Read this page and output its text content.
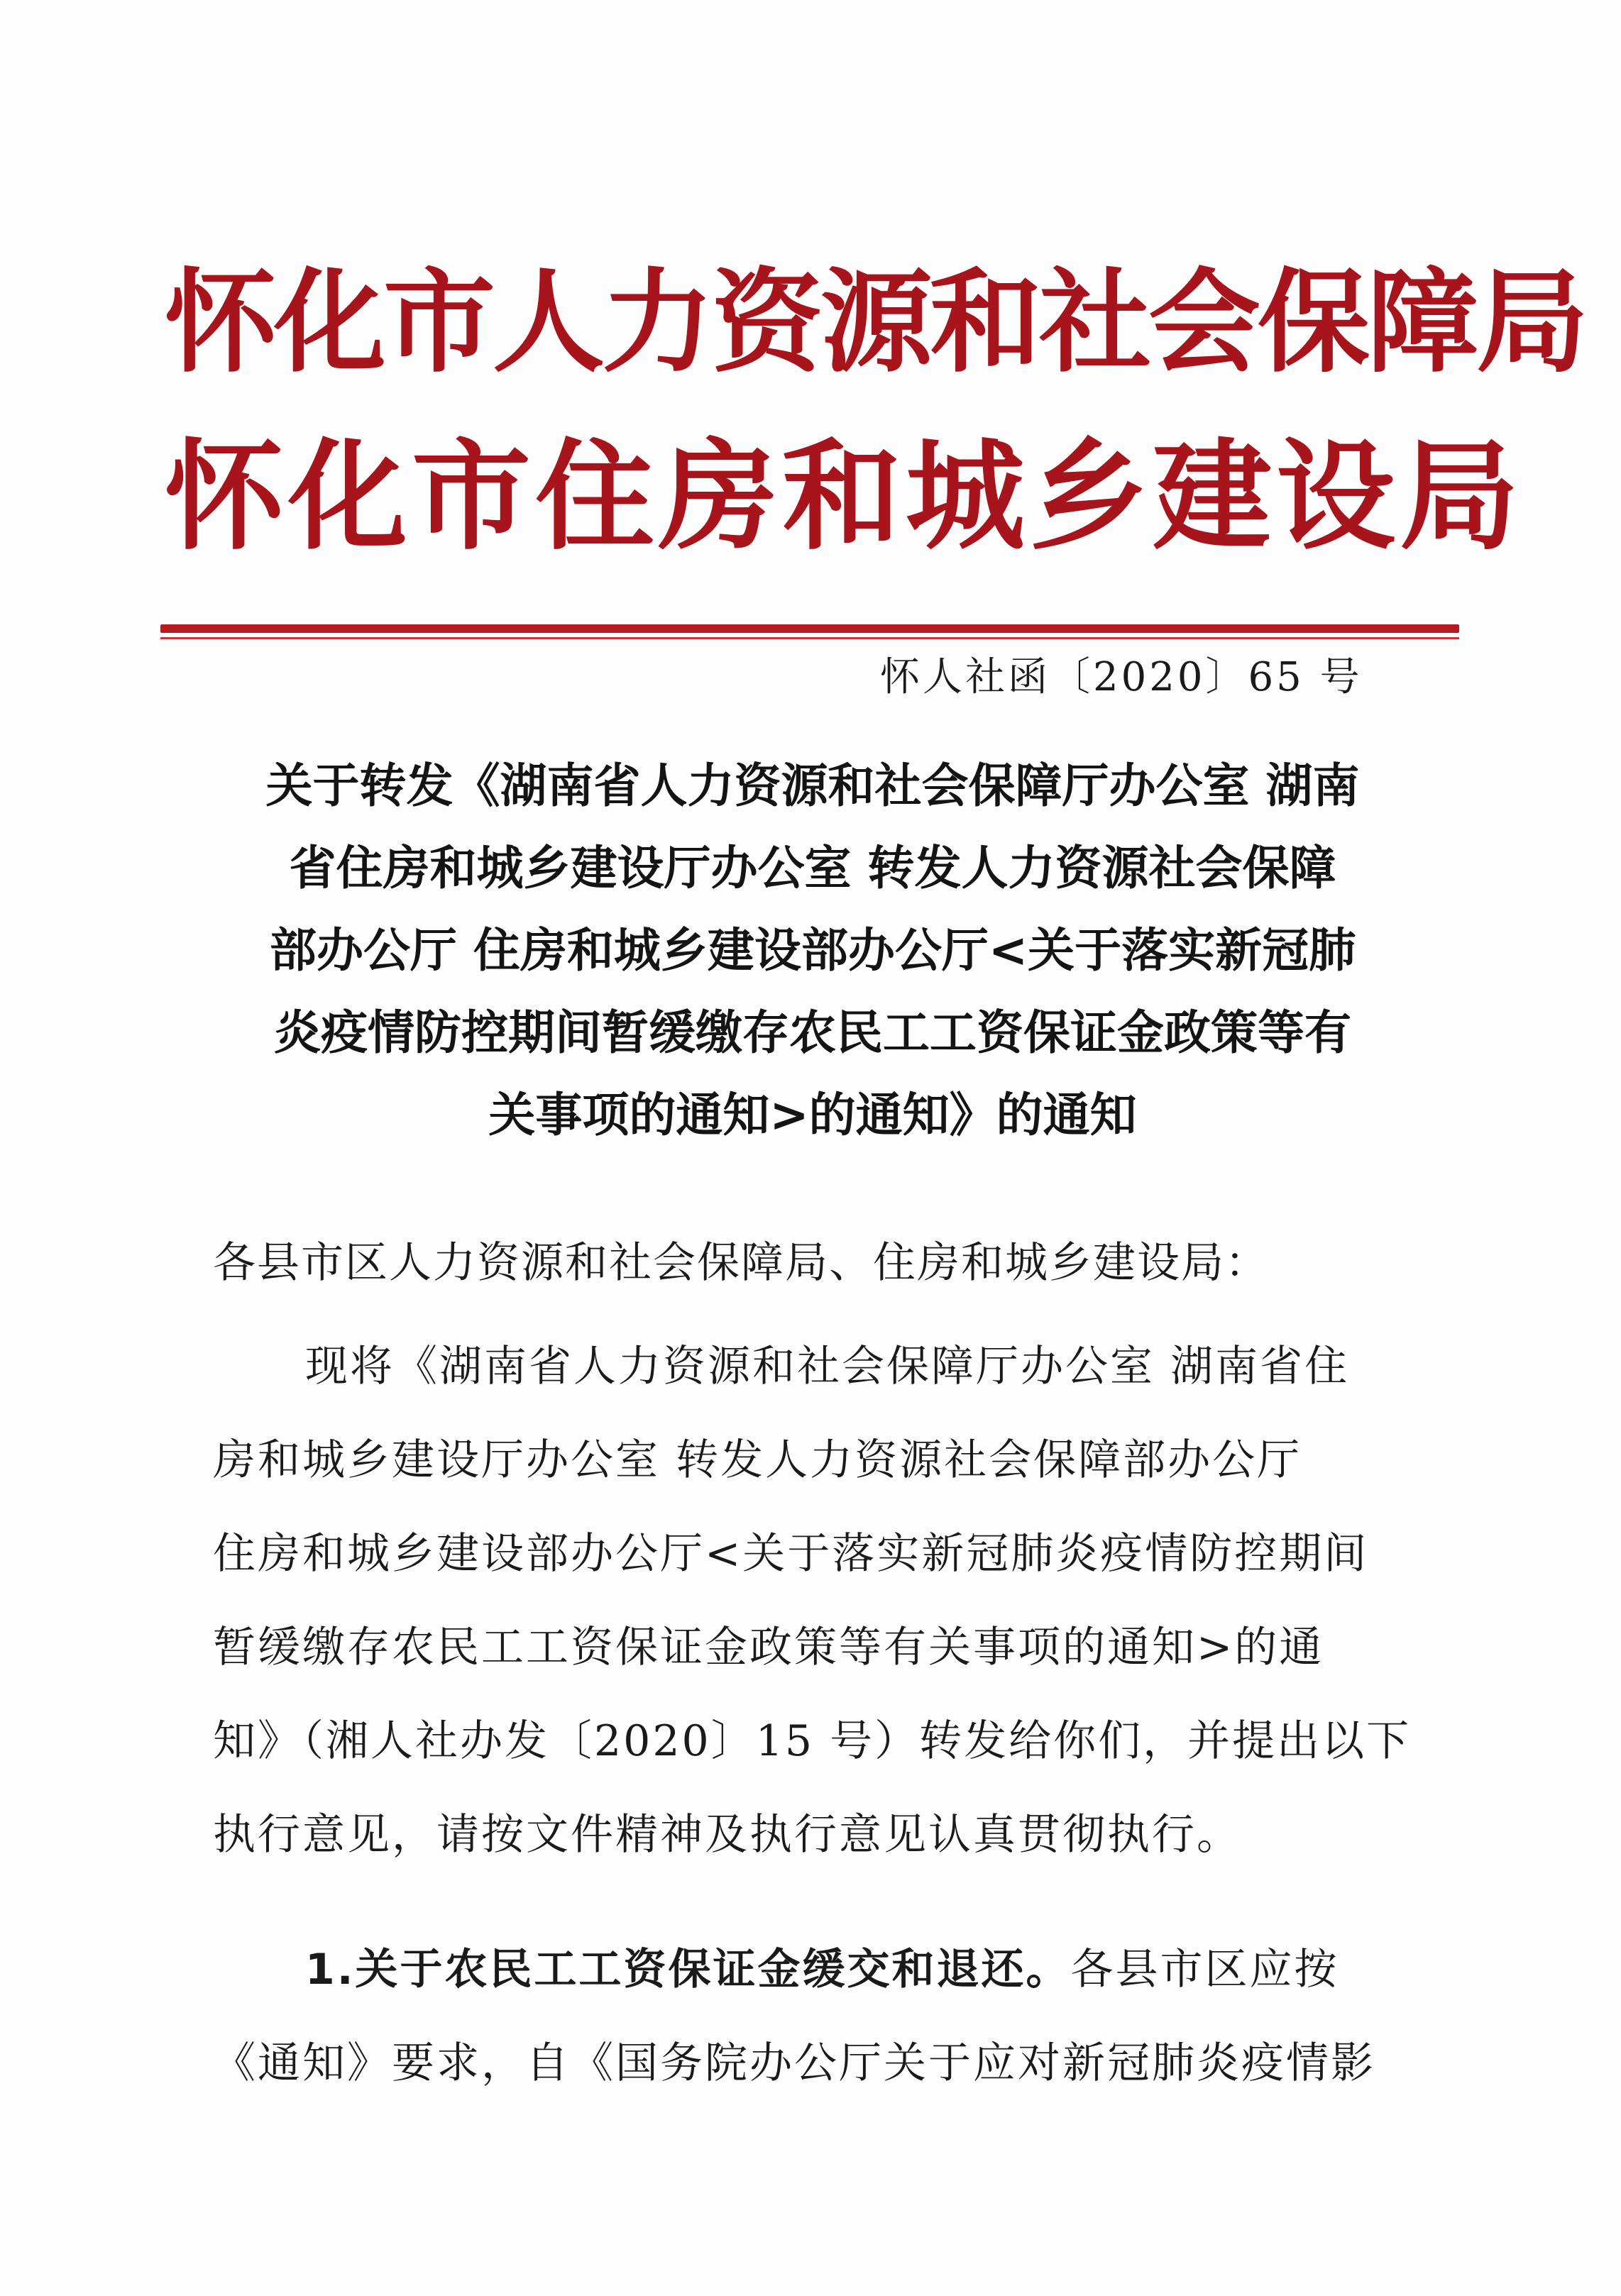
怀化市人力资源和社会保障局
怀化市住房和城乡建设局
怀人社函〔2020〕65 号
关于转发《湖南省人力资源和社会保障厅办公室 湖南
省住房和城乡建设厅办公室 转发人力资源社会保障
部办公厅 住房和城乡建设部办公厅<关于落实新冠肺
炎疫情防控期间暂缓缴存农民工工资保证金政策等有
关事项的通知>的通知》的通知
各县市区人力资源和社会保障局、住房和城乡建设局：
现将《湖南省人力资源和社会保障厅办公室 湖南省住
房和城乡建设厅办公室 转发人力资源社会保障部办公厅
住房和城乡建设部办公厅<关于落实新冠肺炎疫情防控期间
暂缓缴存农民工工资保证金政策等有关事项的通知>的通
知》（湘人社办发〔2020〕15 号）转发给你们，并提出以下
执行意见，请按文件精神及执行意见认真贯彻执行。
1.关于农民工工资保证金缓交和退还。各县市区应按
《通知》要求，自《国务院办公厅关于应对新冠肺炎疫情影
